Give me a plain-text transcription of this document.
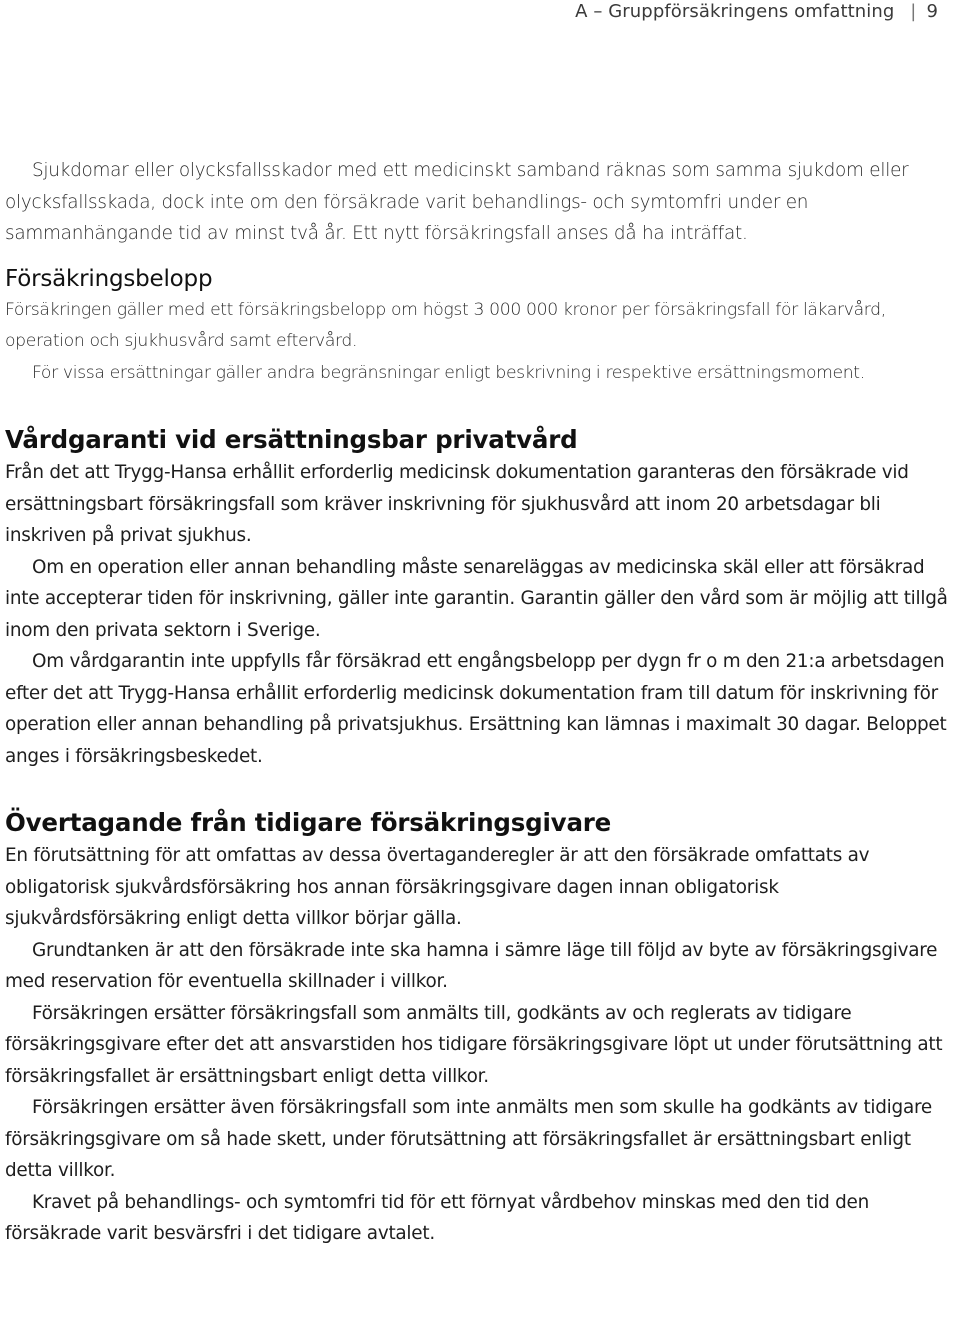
A – Gruppförsäkringens omfattning | 9

Sjukdomar eller olycksfallsskador med ett medicinskt samband räknas som samma sjukdom eller olycksfallsskada, dock inte om den försäkrade varit behandlings- och symtomfri under en sammanhängande tid av minst två år. Ett nytt försäkringsfall anses då ha inträffat.

Försäkringsbelopp

Försäkringen gäller med ett försäkringsbelopp om högst 3 000 000 kronor per försäkringsfall för läkarvård, operation och sjukhusvård samt eftervård.

För vissa ersättningar gäller andra begränsningar enligt beskrivning i respektive ersättningsmoment.

Vårdgaranti vid ersättningsbar privatvård

Från det att Trygg-Hansa erhållit erforderlig medicinsk dokumentation garanteras den försäkrade vid ersättningsbart försäkringsfall som kräver inskrivning för sjukhusvård att inom 20 arbetsdagar bli inskriven på privat sjukhus.

Om en operation eller annan behandling måste senareläggas av medicinska skäl eller att försäkrad inte accepterar tiden för inskrivning, gäller inte garantin. Garantin gäller den vård som är möjlig att tillgå inom den privata sektorn i Sverige.

Om vårdgarantin inte uppfylls får försäkrad ett engångsbelopp per dygn fr o m den 21:a arbetsdagen efter det att Trygg-Hansa erhållit erforderlig medicinsk dokumentation fram till datum för inskrivning för operation eller annan behandling på privatsjukhus. Ersättning kan lämnas i maximalt 30 dagar. Beloppet anges i försäkringsbeskedet.

Övertagande från tidigare försäkringsgivare

En förutsättning för att omfattas av dessa övertaganderegler är att den försäkrade omfattats av obligatorisk sjukvårdsförsäkring hos annan försäkringsgivare dagen innan obligatorisk sjukvårdsförsäkring enligt detta villkor börjar gälla.

Grundtanken är att den försäkrade inte ska hamna i sämre läge till följd av byte av försäkringsgivare med reservation för eventuella skillnader i villkor.

Försäkringen ersätter försäkringsfall som anmälts till, godkänts av och reglerats av tidigare försäkringsgivare efter det att ansvarstiden hos tidigare försäkringsgivare löpt ut under förutsättning att försäkringsfallet är ersättningsbart enligt detta villkor.

Försäkringen ersätter även försäkringsfall som inte anmälts men som skulle ha godkänts av tidigare försäkringsgivare om så hade skett, under förutsättning att försäkringsfallet är ersättningsbart enligt detta villkor.

Kravet på behandlings- och symtomfri tid för ett förnyat vårdbehov minskas med den tid den försäkrade varit besvärsfri i det tidigare avtalet.
